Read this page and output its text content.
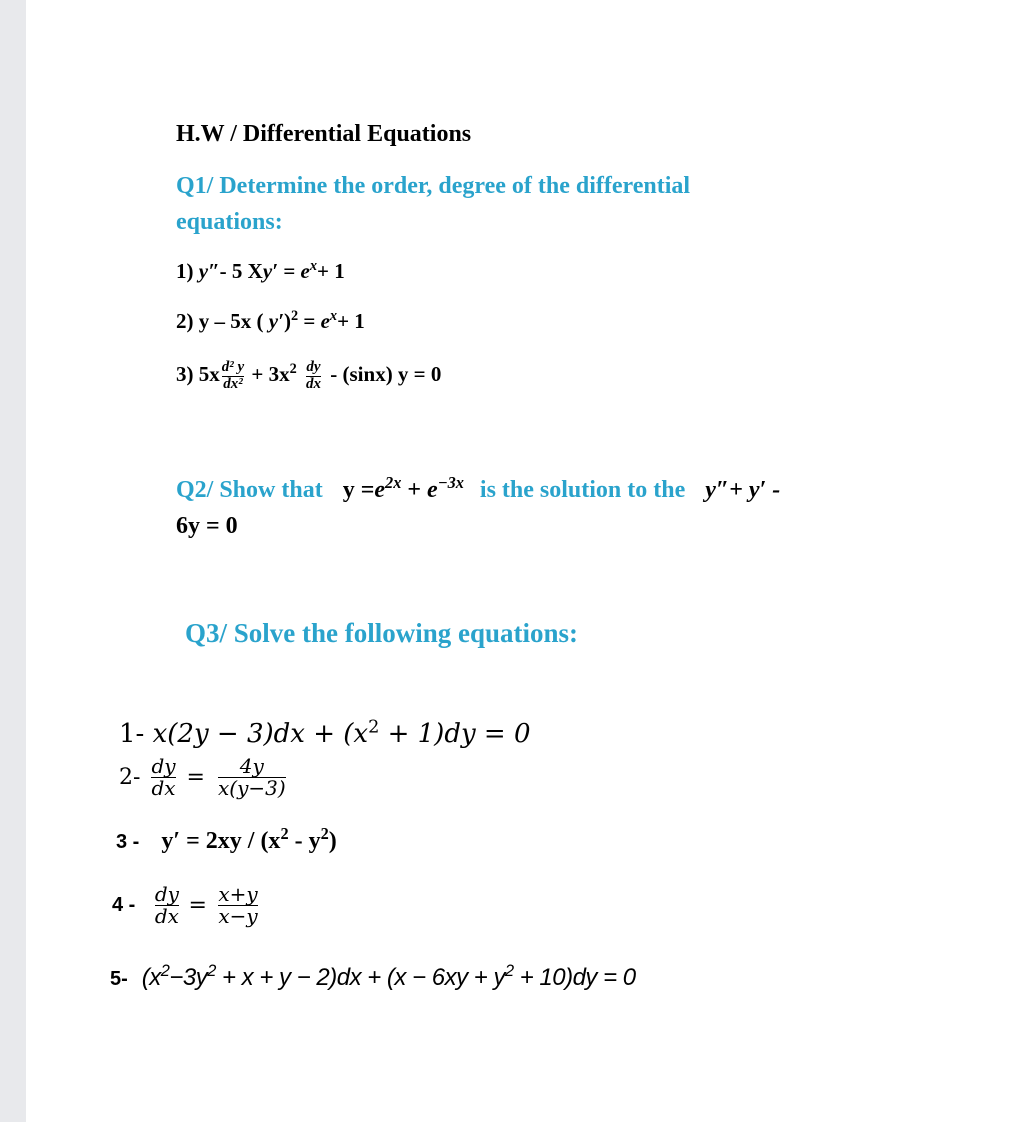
H.W / Differential Equations
Q1/ Determine the order, degree of the differential
equations:
1) y″- 5 $Xy' = e^x+ 1$
2) y – 5x ( $y')^2 = e^x+ 1$
3) $5x \frac{\text{d² y}}{\text{dx²}} + 3x^2 \frac{dy}{dx} - (\sin x) y = 0$
Q2/ Show that $y =e^{2x} + e^{-3x}$ is the solution to the y″+ y′ -
6y = 0
Q3/ Solve the following equations:
1- $x(2y - 3)dx + (x^2 + 1)dy = 0$
$2- \frac{dy}{dx} = \frac{4y}{x(y-3)}$
$3 - y' = 2xy / (x^2 - y^2)$
$4 - \frac{dy}{dx} = \frac{x+y}{x-y}$
5- $(x^2-3y^2 + x + y - 2)dx + (x - 6xy + y^2 + 10)dy = 0$
